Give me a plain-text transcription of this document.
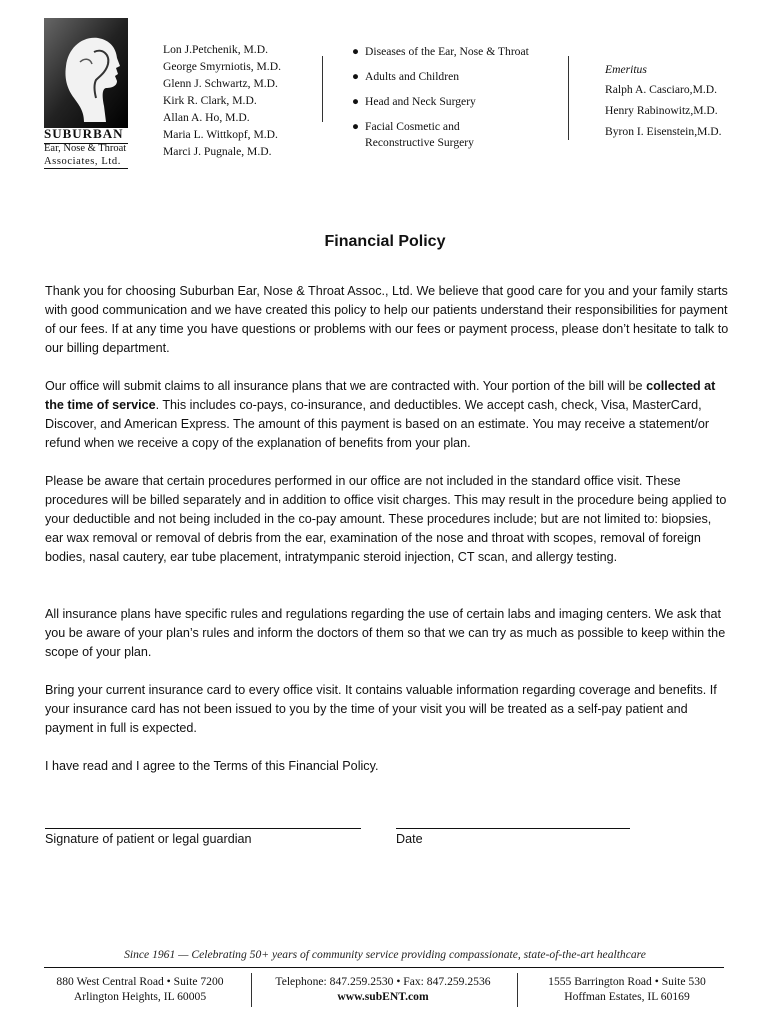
SUBURBAN
Ear, Nose & Throat
Associates, Ltd.
Lon J.Petchenik, M.D.
George Smyrniotis, M.D.
Glenn J. Schwartz, M.D.
Kirk R. Clark, M.D.
Allan A. Ho, M.D.
Maria L. Wittkopf, M.D.
Marci J. Pugnale, M.D.
● Diseases of the Ear, Nose & Throat
● Adults and Children
● Head and Neck Surgery
● Facial Cosmetic and
Reconstructive Surgery
Emeritus
Ralph A. Casciaro,M.D.
Henry Rabinowitz,M.D.
Byron I. Eisenstein,M.D.
Financial Policy
Thank you for choosing Suburban Ear, Nose & Throat Assoc., Ltd. We believe that good care for you and your family starts with good communication and we have created this policy to help our patients understand their responsibilities for payment of our fees. If at any time you have questions or problems with our fees or payment process, please don’t hesitate to talk to our billing department.
Our office will submit claims to all insurance plans that we are contracted with. Your portion of the bill will be collected at the time of service. This includes co-pays, co-insurance, and deductibles. We accept cash, check, Visa, MasterCard, Discover, and American Express. The amount of this payment is based on an estimate. You may receive a statement/or refund when we receive a copy of the explanation of benefits from your plan.
Please be aware that certain procedures performed in our office are not included in the standard office visit. These procedures will be billed separately and in addition to office visit charges. This may result in the procedure being applied to your deductible and not being included in the co-pay amount. These procedures include; but are not limited to: biopsies, ear wax removal or removal of debris from the ear, examination of the nose and throat with scopes, removal of foreign bodies, nasal cautery, ear tube placement, intratympanic steroid injection, CT scan, and allergy testing.
All insurance plans have specific rules and regulations regarding the use of certain labs and imaging centers. We ask that you be aware of your plan’s rules and inform the doctors of them so that we can try as much as possible to keep within the scope of your plan.
Bring your current insurance card to every office visit. It contains valuable information regarding coverage and benefits. If your insurance card has not been issued to you by the time of your visit you will be treated as a self-pay patient and payment in full is expected.
I have read and I agree to the Terms of this Financial Policy.
Signature of patient or legal guardian	Date
Since 1961 — Celebrating 50+ years of community service providing compassionate, state-of-the-art healthcare
880 West Central Road • Suite 7200
Arlington Heights, IL 60005
Telephone: 847.259.2530 • Fax: 847.259.2536
www.subENT.com
1555 Barrington Road • Suite 530
Hoffman Estates, IL 60169
